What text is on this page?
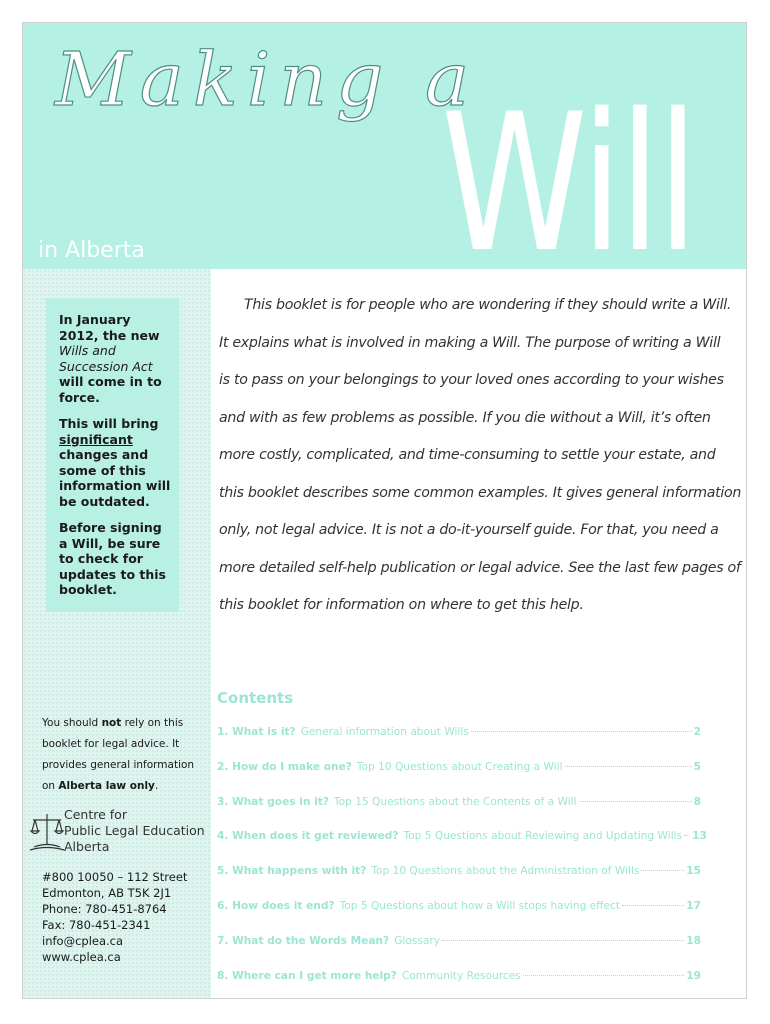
Making a
Will
in Alberta

In January 2012, the new Wills and Succession Act will come in to force.

This will bring significant changes and some of this information will be outdated.

Before signing a Will, be sure to check for updates to this booklet.

You should not rely on this booklet for legal advice. It provides general information on Alberta law only.

Centre for
Public Legal Education
Alberta
#800 10050 – 112 Street
Edmonton, AB T5K 2J1
Phone: 780-451-8764
Fax: 780-451-2341
info@cplea.ca
www.cplea.ca
This booklet is for people who are wondering if they should write a Will.
It explains what is involved in making a Will. The purpose of writing a Will
is to pass on your belongings to your loved ones according to your wishes
and with as few problems as possible. If you die without a Will, it’s often
more costly, complicated, and time-consuming to settle your estate, and
this booklet describes some common examples. It gives general information
only, not legal advice. It is not a do-it-yourself guide. For that, you need a
more detailed self-help publication or legal advice. See the last few pages of
this booklet for information on where to get this help.
Contents
1. What is it? General information about Wills	2
2. How do I make one? Top 10 Questions about Creating a Will	5
3. What goes in it? Top 15 Questions about the Contents of a Will	8
4. When does it get reviewed? Top 5 Questions about Reviewing and Updating Wills 13
5. What happens with it? Top 10 Questions about the Administration of Wills	15
6. How does it end? Top 5 Questions about how a Will stops having effect	17
7. What do the Words Mean? Glossary	18
8. Where can I get more help? Community Resources	19
